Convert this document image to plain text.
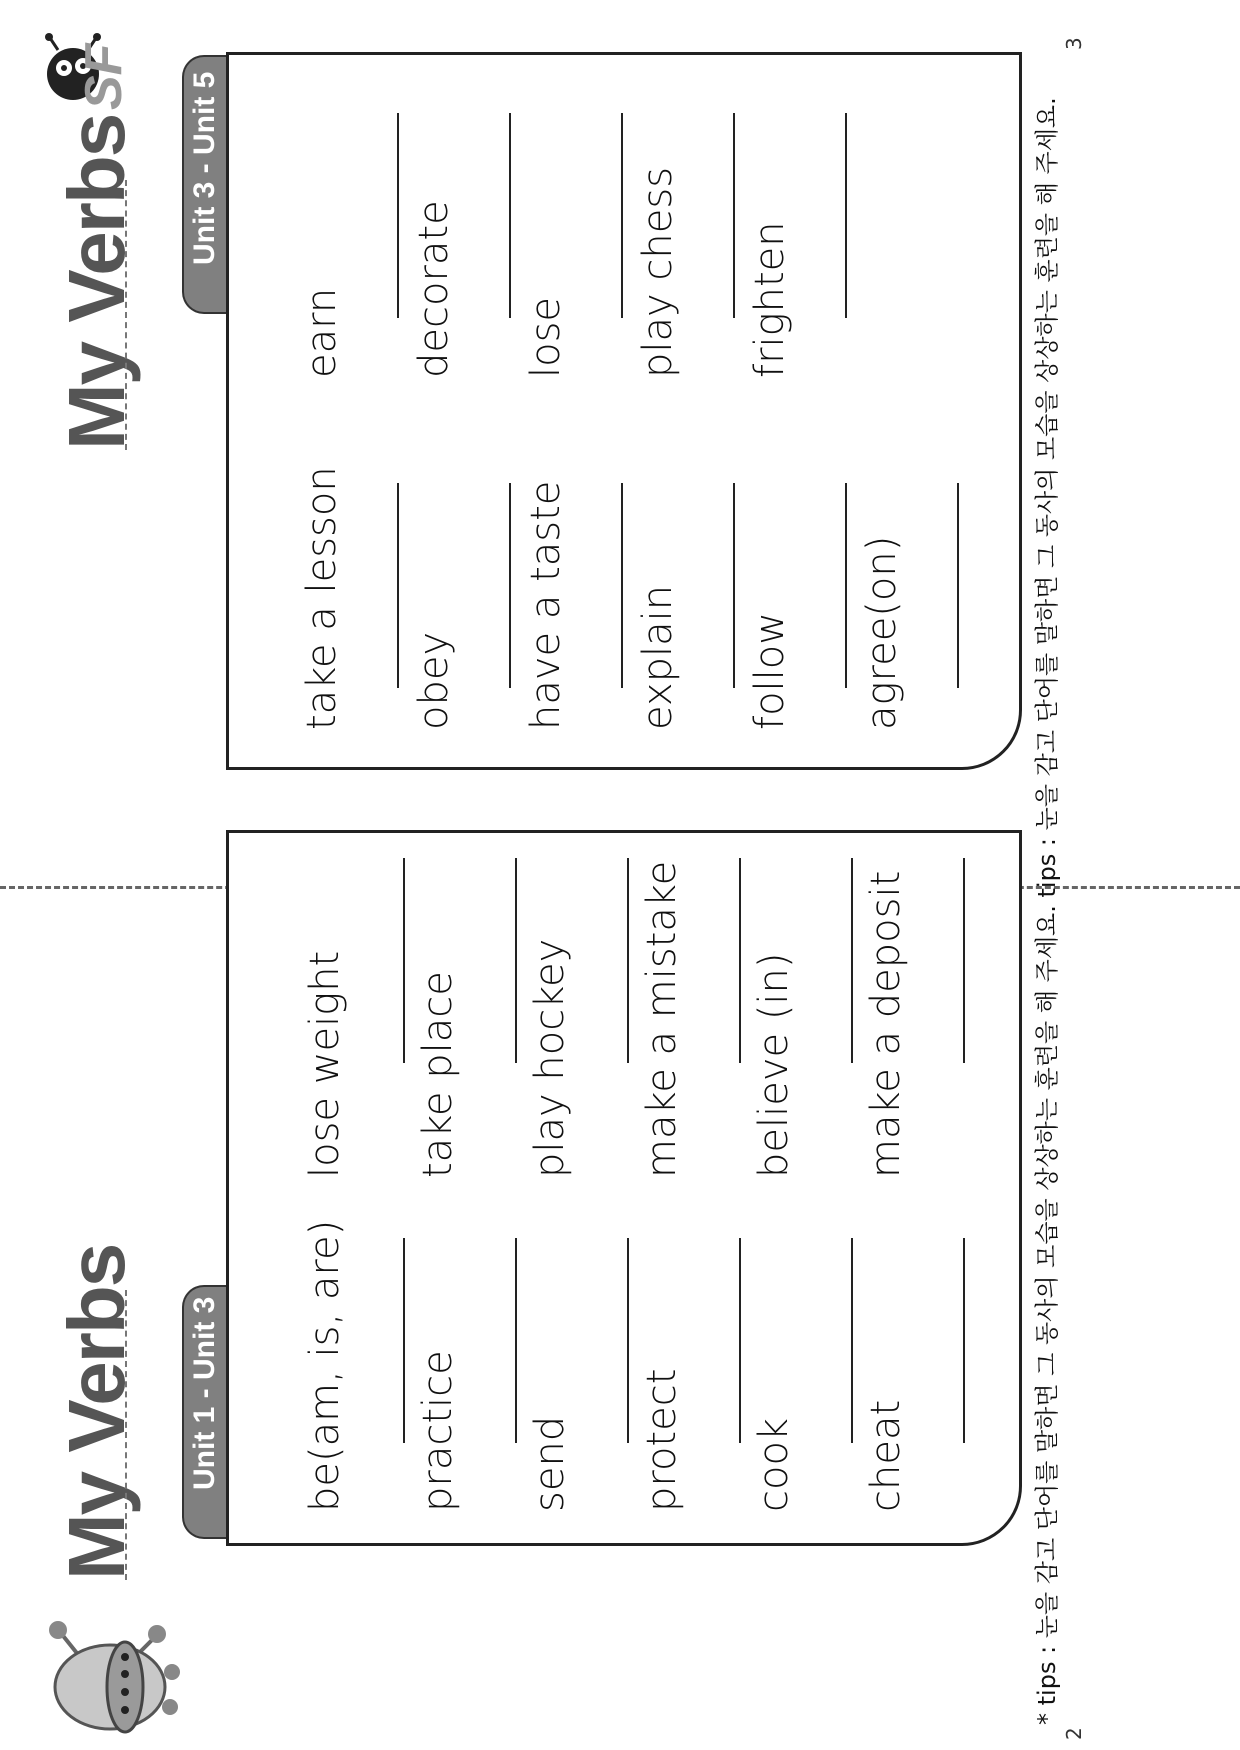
My Verbs Unit 1 - Unit 3 be(am, is, are)
lose weight
practice
take place
send
play hockey
protect
make a mistake
cook
believe (in)
cheat
make a deposit
SF
My Verbs Unit 3 - Unit 5
take a lesson
earn
obey
decorate
have a taste
lose
explain
play chess
follow
frighten
agree(on)	* tips : 눈을 감고 단어를 말하면 그 동사의 모습을 상상하는 훈련을 해 주세요. tips : 눈을 감고 단어를 말하면 그 동사의 모습을 상상하는 훈련을 해 주세요.
2
3
